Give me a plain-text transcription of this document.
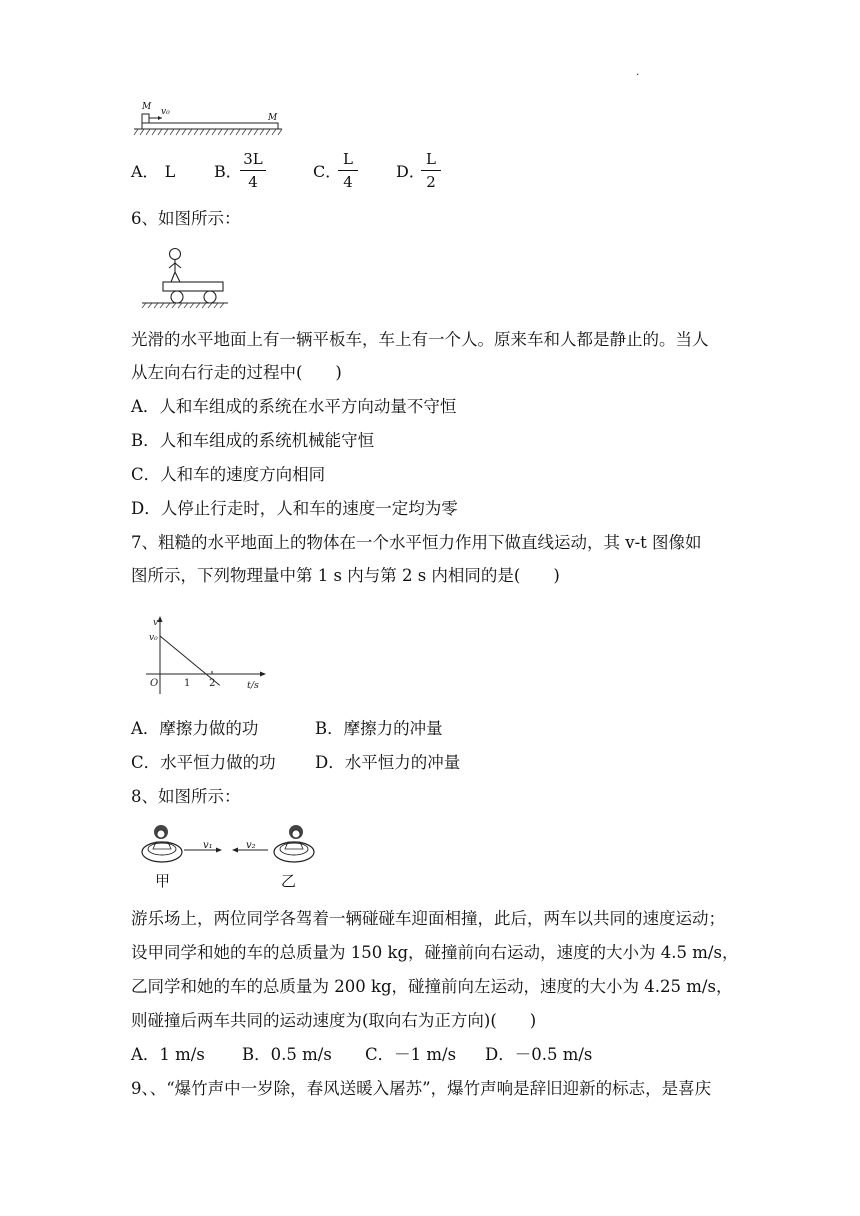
.
M v₀
M
A． L B．
3L
4
C．
L
4
D．
L
2
6、如图所示：
光滑的水平地面上有一辆平板车，车上有一个人。原来车和人都是静止的。当人
从左向右行走的过程中(　　)
A．人和车组成的系统在水平方向动量不守恒
B．人和车组成的系统机械能守恒
C．人和车的速度方向相同
D．人停止行走时，人和车的速度一定均为零
7、粗糙的水平地面上的物体在一个水平恒力作用下做直线运动，其 v-t 图像如
图所示，下列物理量中第 1 s 内与第 2 s 内相同的是(　　)
v
v₀
O	1 2	t/s
A．摩擦力做的功	B．摩擦力的冲量
C．水平恒力做的功 D．水平恒力的冲量
8、如图所示：
v₁	v₂
甲	乙
游乐场上，两位同学各驾着一辆碰碰车迎面相撞，此后，两车以共同的速度运动；
设甲同学和她的车的总质量为 150 kg，碰撞前向右运动，速度的大小为 4.5 m/s，
乙同学和她的车的总质量为 200 kg，碰撞前向左运动，速度的大小为 4.25 m/s，
则碰撞后两车共同的运动速度为(取向右为正方向)(　　)
A．1 m/s B．0.5 m/s C．－1 m/s D．－0.5 m/s
9、、“爆竹声中一岁除，春风送暖入屠苏”，爆竹声响是辞旧迎新的标志，是喜庆
